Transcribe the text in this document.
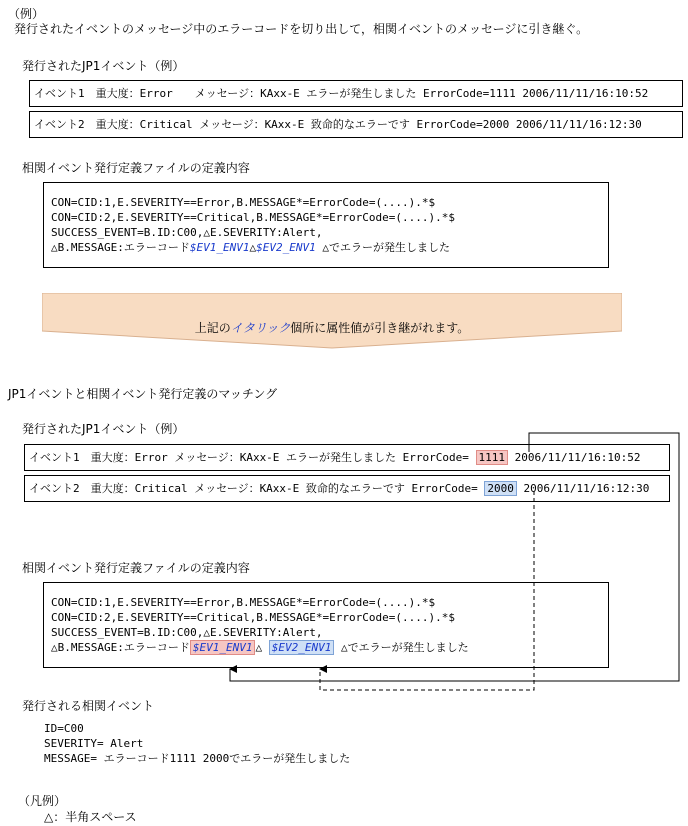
（例）
発行されたイベントのメッセージ中のエラーコードを切り出して，相関イベントのメッセージに引き継ぐ。
発行されたJP1イベント（例）
イベント1　重大度：Error　　メッセージ：KAxx-E エラーが発生しました ErrorCode=1111 2006/11/11/16:10:52
イベント2　重大度：Critical メッセージ：KAxx-E 致命的なエラーです ErrorCode=2000 2006/11/11/16:12:30
相関イベント発行定義ファイルの定義内容
CON=CID:1,E.SEVERITY==Error,B.MESSAGE*=ErrorCode=(....).*$
CON=CID:2,E.SEVERITY==Critical,B.MESSAGE*=ErrorCode=(....).*$
SUCCESS_EVENT=B.ID:C00,△E.SEVERITY:Alert,
△B.MESSAGE:エラーコード$EV1_ENV1△$EV2_ENV1 △でエラーが発生しました
上記のイタリック個所に属性値が引き継がれます。
JP1イベントと相関イベント発行定義のマッチング
発行されたJP1イベント（例）
イベント1　重大度：Error メッセージ：KAxx-E エラーが発生しました ErrorCode= 1111 2006/11/11/16:10:52
イベント2　重大度：Critical メッセージ：KAxx-E 致命的なエラーです ErrorCode= 2000 2006/11/11/16:12:30
相関イベント発行定義ファイルの定義内容
CON=CID:1,E.SEVERITY==Error,B.MESSAGE*=ErrorCode=(....).*$
CON=CID:2,E.SEVERITY==Critical,B.MESSAGE*=ErrorCode=(....).*$
SUCCESS_EVENT=B.ID:C00,△E.SEVERITY:Alert,
△B.MESSAGE:エラーコード $EV1_ENV1 △ $EV2_ENV1 △でエラーが発生しました
発行される相関イベント
ID=C00
SEVERITY= Alert
MESSAGE= エラーコード1111 2000でエラーが発生しました
（凡例）
△：半角スペース
